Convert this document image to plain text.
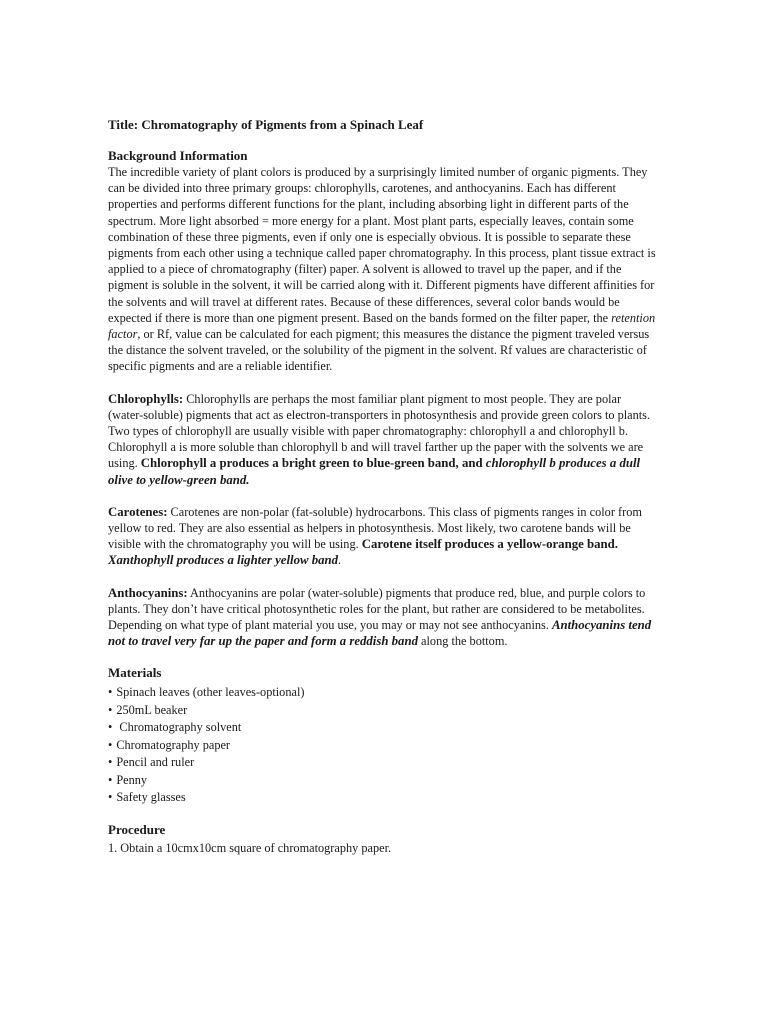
Title: Chromatography of Pigments from a Spinach Leaf

Background Information

The incredible variety of plant colors is produced by a surprisingly limited number of organic pigments. They can be divided into three primary groups: chlorophylls, carotenes, and anthocyanins. Each has different properties and performs different functions for the plant, including absorbing light in different parts of the spectrum. More light absorbed = more energy for a plant. Most plant parts, especially leaves, contain some combination of these three pigments, even if only one is especially obvious. It is possible to separate these pigments from each other using a technique called paper chromatography. In this process, plant tissue extract is applied to a piece of chromatography (filter) paper. A solvent is allowed to travel up the paper, and if the pigment is soluble in the solvent, it will be carried along with it. Different pigments have different affinities for the solvents and will travel at different rates. Because of these differences, several color bands would be expected if there is more than one pigment present. Based on the bands formed on the filter paper, the retention factor, or Rf, value can be calculated for each pigment; this measures the distance the pigment traveled versus the distance the solvent traveled, or the solubility of the pigment in the solvent. Rf values are characteristic of specific pigments and are a reliable identifier.

Chlorophylls: Chlorophylls are perhaps the most familiar plant pigment to most people. They are polar (water-soluble) pigments that act as electron-transporters in photosynthesis and provide green colors to plants. Two types of chlorophyll are usually visible with paper chromatography: chlorophyll a and chlorophyll b. Chlorophyll a is more soluble than chlorophyll b and will travel farther up the paper with the solvents we are using. Chlorophyll a produces a bright green to blue-green band, and chlorophyll b produces a dull olive to yellow-green band.

Carotenes: Carotenes are non-polar (fat-soluble) hydrocarbons. This class of pigments ranges in color from yellow to red. They are also essential as helpers in photosynthesis. Most likely, two carotene bands will be visible with the chromatography you will be using. Carotene itself produces a yellow-orange band. Xanthophyll produces a lighter yellow band.

Anthocyanins: Anthocyanins are polar (water-soluble) pigments that produce red, blue, and purple colors to plants. They don’t have critical photosynthetic roles for the plant, but rather are considered to be metabolites. Depending on what type of plant material you use, you may or may not see anthocyanins. Anthocyanins tend not to travel very far up the paper and form a reddish band along the bottom.

Materials

• Spinach leaves (other leaves-optional)
• 250mL beaker
• Chromatography solvent
• Chromatography paper
• Pencil and ruler
• Penny
• Safety glasses

Procedure

1. Obtain a 10cmx10cm square of chromatography paper.
